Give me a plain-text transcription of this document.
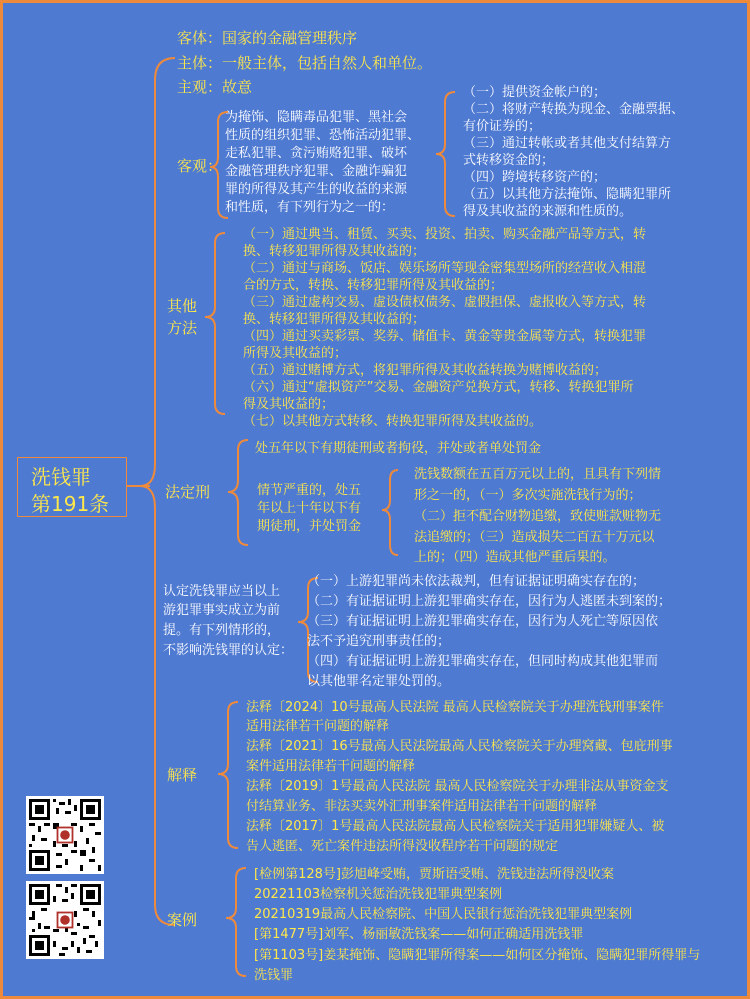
洗钱罪
第191条
客体：国家的金融管理秩序
主体：一般主体，包括自然人和单位。
主观：故意
客观：
为掩饰、隐瞒毒品犯罪、黑社会
性质的组织犯罪、恐怖活动犯罪、
走私犯罪、贪污贿赂犯罪、破坏
金融管理秩序犯罪、金融诈骗犯
罪的所得及其产生的收益的来源
和性质，有下列行为之一的：
（一）提供资金帐户的；
（二）将财产转换为现金、金融票据、
有价证券的；
（三）通过转帐或者其他支付结算方
式转移资金的；
（四）跨境转移资产的；
（五）以其他方法掩饰、隐瞒犯罪所
得及其收益的来源和性质的。
其他
方法
（一）通过典当、租赁、买卖、投资、拍卖、购买金融产品等方式，转
换、转移犯罪所得及其收益的；
（二）通过与商场、饭店、娱乐场所等现金密集型场所的经营收入相混
合的方式，转换、转移犯罪所得及其收益的；
（三）通过虚构交易、虚设债权债务、虚假担保、虚报收入等方式，转
换、转移犯罪所得及其收益的；
（四）通过买卖彩票、奖券、储值卡、黄金等贵金属等方式，转换犯罪
所得及其收益的；
（五）通过赌博方式，将犯罪所得及其收益转换为赌博收益的；
（六）通过“虚拟资产”交易、金融资产兑换方式，转移、转换犯罪所
得及其收益的；
（七）以其他方式转移、转换犯罪所得及其收益的。
法定刑
处五年以下有期徒刑或者拘役，并处或者单处罚金
情节严重的，处五
年以上十年以下有
期徒刑，并处罚金
洗钱数额在五百万元以上的，且具有下列情
形之一的，（一）多次实施洗钱行为的；
（二）拒不配合财物追缴，致使赃款赃物无
法追缴的；（三）造成损失二百五十万元以
上的；（四）造成其他严重后果的。
认定洗钱罪应当以上
游犯罪事实成立为前
提。有下列情形的，
不影响洗钱罪的认定：
（一）上游犯罪尚未依法裁判，但有证据证明确实存在的；
（二）有证据证明上游犯罪确实存在，因行为人逃匿未到案的；
（三）有证据证明上游犯罪确实存在，因行为人死亡等原因依
法不予追究刑事责任的；
（四）有证据证明上游犯罪确实存在，但同时构成其他犯罪而
以其他罪名定罪处罚的。
解释
法释〔2024〕10号最高人民法院 最高人民检察院关于办理洗钱刑事案件
适用法律若干问题的解释
法释〔2021〕16号最高人民法院最高人民检察院关于办理窝藏、包庇刑事
案件适用法律若干问题的解释
法释〔2019〕1号最高人民法院 最高人民检察院关于办理非法从事资金支
付结算业务、非法买卖外汇刑事案件适用法律若干问题的解释
法释〔2017〕1号最高人民法院最高人民检察院关于适用犯罪嫌疑人、被
告人逃匿、死亡案件违法所得没收程序若干问题的规定
案例
[检例第128号]彭旭峰受贿，贾斯语受贿、洗钱违法所得没收案
20221103检察机关惩治洗钱犯罪典型案例
20210319最高人民检察院、中国人民银行惩治洗钱犯罪典型案例
[第1477号]刘军、杨丽敏洗钱案——如何正确适用洗钱罪
[第1103号]姜某掩饰、隐瞒犯罪所得案——如何区分掩饰、隐瞒犯罪所得罪与
洗钱罪
